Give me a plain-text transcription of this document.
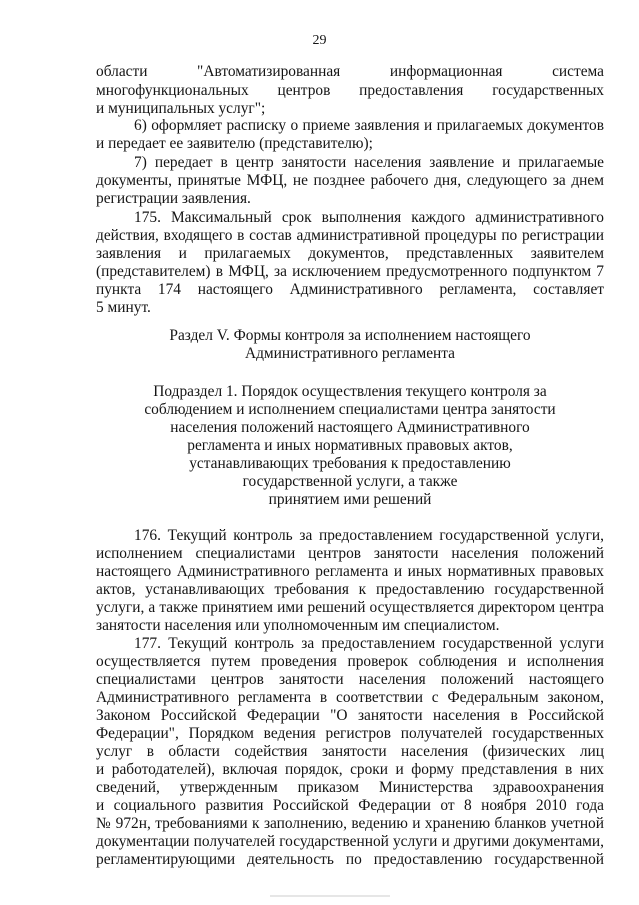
29
области "Автоматизированная информационная система
многофункциональных центров предоставления государственных
и муниципальных услуг";
6) оформляет расписку о приеме заявления и прилагаемых документов
и передает ее заявителю (представителю);
7) передает в центр занятости населения заявление и прилагаемые
документы, принятые МФЦ, не позднее рабочего дня, следующего за днем
регистрации заявления.
175. Максимальный срок выполнения каждого административного
действия, входящего в состав административной процедуры по регистрации
заявления и прилагаемых документов, представленных заявителем
(представителем) в МФЦ, за исключением предусмотренного подпунктом 7
пункта 174 настоящего Административного регламента, составляет
5 минут.
Раздел V. Формы контроля за исполнением настоящего
Административного регламента
Подраздел 1. Порядок осуществления текущего контроля за
соблюдением и исполнением специалистами центра занятости
населения положений настоящего Административного
регламента и иных нормативных правовых актов,
устанавливающих требования к предоставлению
государственной услуги, а также
принятием ими решений
176. Текущий контроль за предоставлением государственной услуги,
исполнением специалистами центров занятости населения положений
настоящего Административного регламента и иных нормативных правовых
актов, устанавливающих требования к предоставлению государственной
услуги, а также принятием ими решений осуществляется директором центра
занятости населения или уполномоченным им специалистом.
177. Текущий контроль за предоставлением государственной услуги
осуществляется путем проведения проверок соблюдения и исполнения
специалистами центров занятости населения положений настоящего
Административного регламента в соответствии с Федеральным законом,
Законом Российской Федерации "О занятости населения в Российской
Федерации", Порядком ведения регистров получателей государственных
услуг в области содействия занятости населения (физических лиц
и работодателей), включая порядок, сроки и форму представления в них
сведений, утвержденным приказом Министерства здравоохранения
и социального развития Российской Федерации от 8 ноября 2010 года
№ 972н, требованиями к заполнению, ведению и хранению бланков учетной
документации получателей государственной услуги и другими документами,
регламентирующими деятельность по предоставлению государственной
